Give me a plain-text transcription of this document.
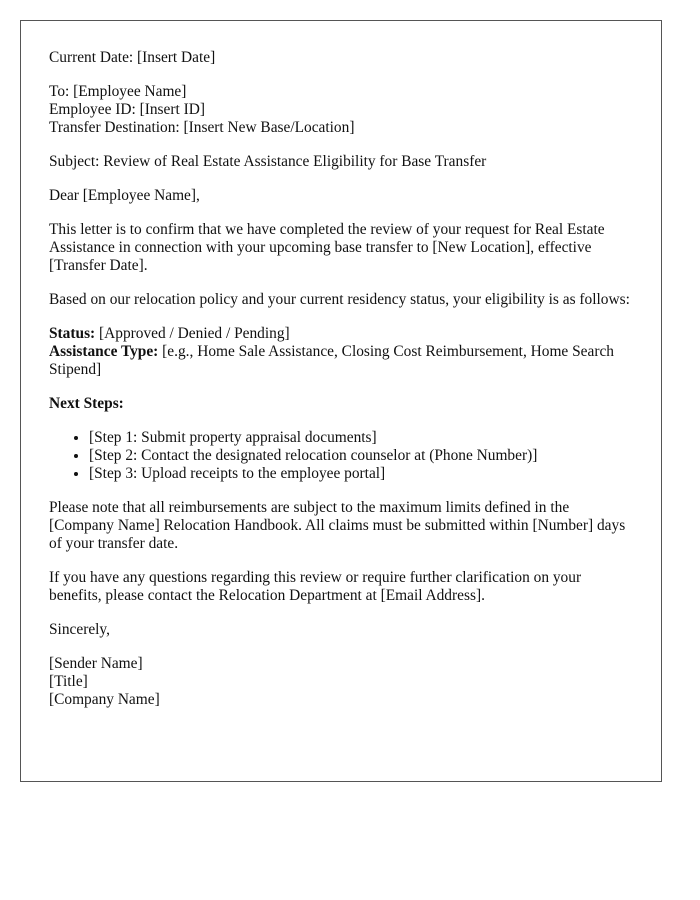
Current Date: [Insert Date]

To: [Employee Name]
Employee ID: [Insert ID]
Transfer Destination: [Insert New Base/Location]

Subject: Review of Real Estate Assistance Eligibility for Base Transfer

Dear [Employee Name],

This letter is to confirm that we have completed the review of your request for Real Estate Assistance in connection with your upcoming base transfer to [New Location], effective [Transfer Date].

Based on our relocation policy and your current residency status, your eligibility is as follows:

Status: [Approved / Denied / Pending]
Assistance Type: [e.g., Home Sale Assistance, Closing Cost Reimbursement, Home Search Stipend]

Next Steps:

• [Step 1: Submit property appraisal documents]
• [Step 2: Contact the designated relocation counselor at (Phone Number)]
• [Step 3: Upload receipts to the employee portal]

Please note that all reimbursements are subject to the maximum limits defined in the [Company Name] Relocation Handbook. All claims must be submitted within [Number] days of your transfer date.

If you have any questions regarding this review or require further clarification on your benefits, please contact the Relocation Department at [Email Address].

Sincerely,

[Sender Name]
[Title]
[Company Name]
